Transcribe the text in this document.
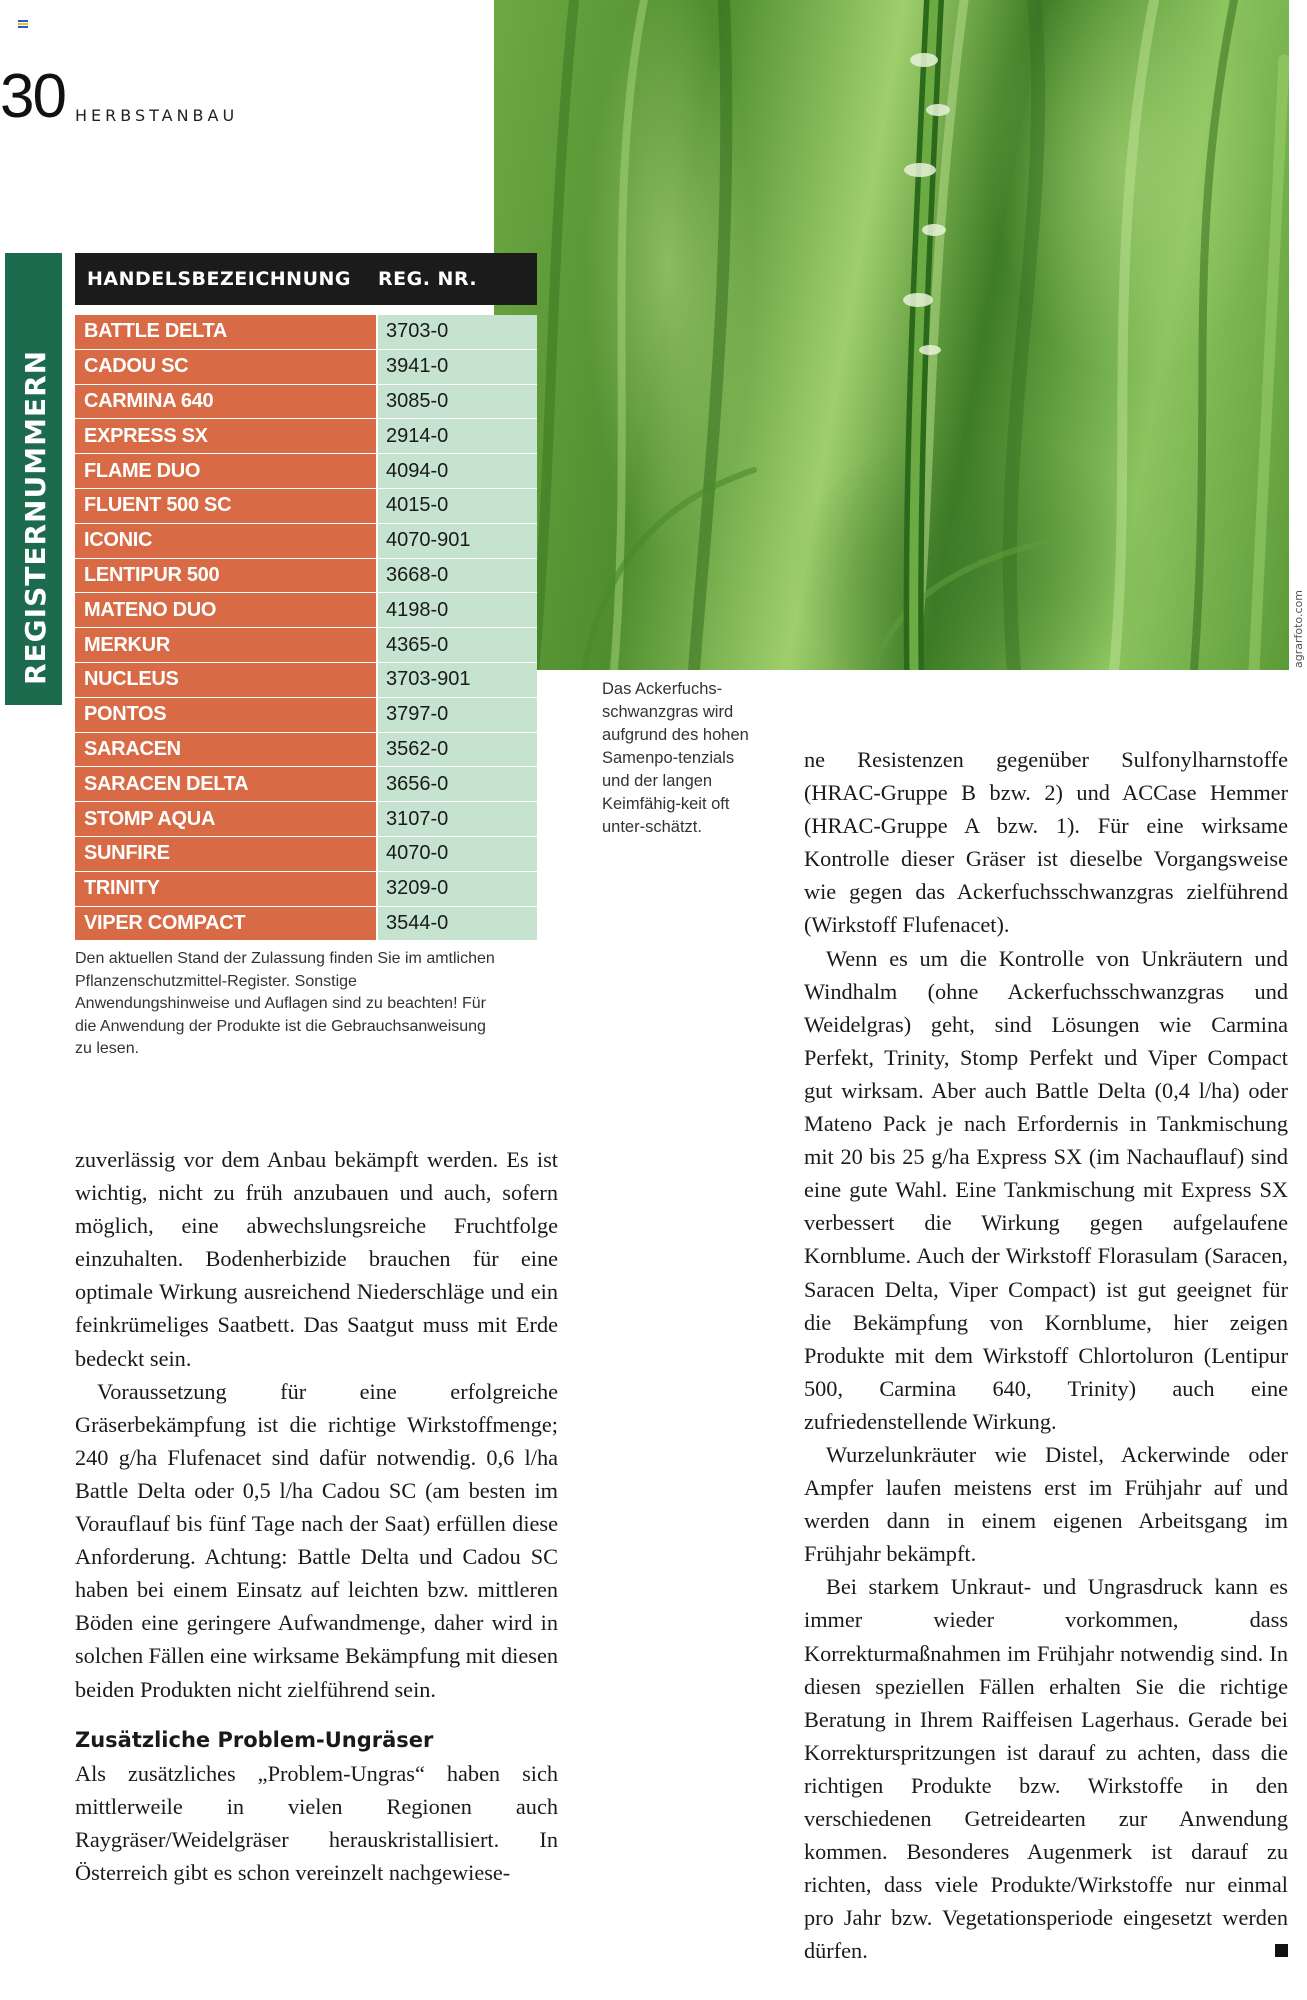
30 HERBSTANBAU
agrarfoto.com
REGISTERNUMMERN
HANDELSBEZEICHNUNG	REG. NR.
BATTLE DELTA	3703-0
CADOU SC	3941-0
CARMINA 640	3085-0
EXPRESS SX	2914-0
FLAME DUO	4094-0
FLUENT 500 SC	4015-0
ICONIC	4070-901
LENTIPUR 500	3668-0
MATENO DUO	4198-0
MERKUR	4365-0
NUCLEUS	3703-901
PONTOS	3797-0
SARACEN	3562-0
SARACEN DELTA	3656-0
STOMP AQUA	3107-0
SUNFIRE	4070-0
TRINITY	3209-0
VIPER COMPACT	3544-0
Den aktuellen Stand der Zulassung finden Sie im amtlichen Pflanzenschutzmittel-Register. Sonstige Anwendungshinweise und Auflagen sind zu beachten! Für die Anwendung der Produkte ist die Gebrauchsanweisung zu lesen.
Das Ackerfuchs-schwanzgras wird aufgrund des hohen Samenpo-tenzials und der langen Keimfähig-keit oft unter-schätzt.

zuverlässig vor dem Anbau bekämpft werden. Es ist wichtig, nicht zu früh anzubauen und auch, sofern möglich, eine abwechslungsreiche Fruchtfolge einzuhalten. Bodenherbizide brauchen für eine optimale Wirkung ausreichend Niederschläge und ein feinkrümeliges Saatbett. Das Saatgut muss mit Erde bedeckt sein.

Voraussetzung für eine erfolgreiche Gräserbekämpfung ist die richtige Wirkstoffmenge; 240 g/ha Flufenacet sind dafür notwendig. 0,6 l/ha Battle Delta oder 0,5 l/ha Cadou SC (am besten im Vorauflauf bis fünf Tage nach der Saat) erfüllen diese Anforderung. Achtung: Battle Delta und Cadou SC haben bei einem Einsatz auf leichten bzw. mittleren Böden eine geringere Aufwandmenge, daher wird in solchen Fällen eine wirksame Bekämpfung mit diesen beiden Produkten nicht zielführend sein.

Zusätzliche Problem-Ungräser

Als zusätzliches „Problem-Ungras“ haben sich mittlerweile in vielen Regionen auch Raygräser/Weidelgräser herauskristallisiert. In Österreich gibt es schon vereinzelt nachgewiese-

ne Resistenzen gegenüber Sulfonylharnstoffe (HRAC-Gruppe B bzw. 2) und ACCase Hemmer (HRAC-Gruppe A bzw. 1). Für eine wirksame Kontrolle dieser Gräser ist dieselbe Vorgangsweise wie gegen das Ackerfuchsschwanzgras zielführend (Wirkstoff Flufenacet).

Wenn es um die Kontrolle von Unkräutern und Windhalm (ohne Ackerfuchsschwanzgras und Weidelgras) geht, sind Lösungen wie Carmina Perfekt, Trinity, Stomp Perfekt und Viper Compact gut wirksam. Aber auch Battle Delta (0,4 l/ha) oder Mateno Pack je nach Erfordernis in Tankmischung mit 20 bis 25 g/ha Express SX (im Nachauflauf) sind eine gute Wahl. Eine Tankmischung mit Express SX verbessert die Wirkung gegen aufgelaufene Kornblume. Auch der Wirkstoff Florasulam (Saracen, Saracen Delta, Viper Compact) ist gut geeignet für die Bekämpfung von Kornblume, hier zeigen Produkte mit dem Wirkstoff Chlortoluron (Lentipur 500, Carmina 640, Trinity) auch eine zufriedenstellende Wirkung.

Wurzelunkräuter wie Distel, Ackerwinde oder Ampfer laufen meistens erst im Frühjahr auf und werden dann in einem eigenen Arbeitsgang im Frühjahr bekämpft.

Bei starkem Unkraut- und Ungrasdruck kann es immer wieder vorkommen, dass Korrekturmaßnahmen im Frühjahr notwendig sind. In diesen speziellen Fällen erhalten Sie die richtige Beratung in Ihrem Raiffeisen Lagerhaus. Gerade bei Korrekturspritzungen ist darauf zu achten, dass die richtigen Produkte bzw. Wirkstoffe in den verschiedenen Getreidearten zur Anwendung kommen. Besonderes Augenmerk ist darauf zu richten, dass viele Produkte/Wirkstoffe nur einmal pro Jahr bzw. Vegetationsperiode eingesetzt werden dürfen.
